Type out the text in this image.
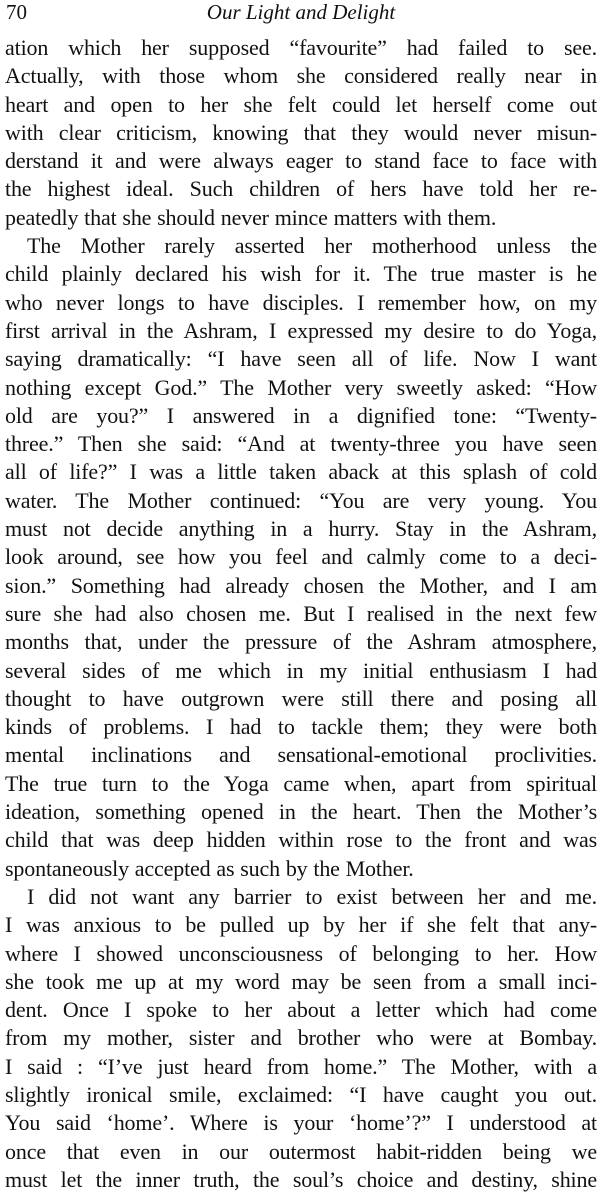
70	Our Light and Delight
ation which her supposed “favourite” had failed to see.
Actually, with those whom she considered really near in
heart and open to her she felt could let herself come out
with clear criticism, knowing that they would never misun-
derstand it and were always eager to stand face to face with
the highest ideal. Such children of hers have told her re-
peatedly that she should never mince matters with them.
The Mother rarely asserted her motherhood unless the
child plainly declared his wish for it. The true master is he
who never longs to have disciples. I remember how, on my
first arrival in the Ashram, I expressed my desire to do Yoga,
saying dramatically: “I have seen all of life. Now I want
nothing except God.” The Mother very sweetly asked: “How
old are you?” I answered in a dignified tone: “Twenty-
three.” Then she said: “And at twenty-three you have seen
all of life?” I was a little taken aback at this splash of cold
water. The Mother continued: “You are very young. You
must not decide anything in a hurry. Stay in the Ashram,
look around, see how you feel and calmly come to a deci-
sion.” Something had already chosen the Mother, and I am
sure she had also chosen me. But I realised in the next few
months that, under the pressure of the Ashram atmosphere,
several sides of me which in my initial enthusiasm I had
thought to have outgrown were still there and posing all
kinds of problems. I had to tackle them; they were both
mental inclinations and sensational-emotional proclivities.
The true turn to the Yoga came when, apart from spiritual
ideation, something opened in the heart. Then the Mother’s
child that was deep hidden within rose to the front and was
spontaneously accepted as such by the Mother.
I did not want any barrier to exist between her and me.
I was anxious to be pulled up by her if she felt that any-
where I showed unconsciousness of belonging to her. How
she took me up at my word may be seen from a small inci-
dent. Once I spoke to her about a letter which had come
from my mother, sister and brother who were at Bombay.
I said : “I’ve just heard from home.” The Mother, with a
slightly ironical smile, exclaimed: “I have caught you out.
You said ‘home’. Where is your ‘home’?” I understood at
once that even in our outermost habit-ridden being we
must let the inner truth, the soul’s choice and destiny, shine
